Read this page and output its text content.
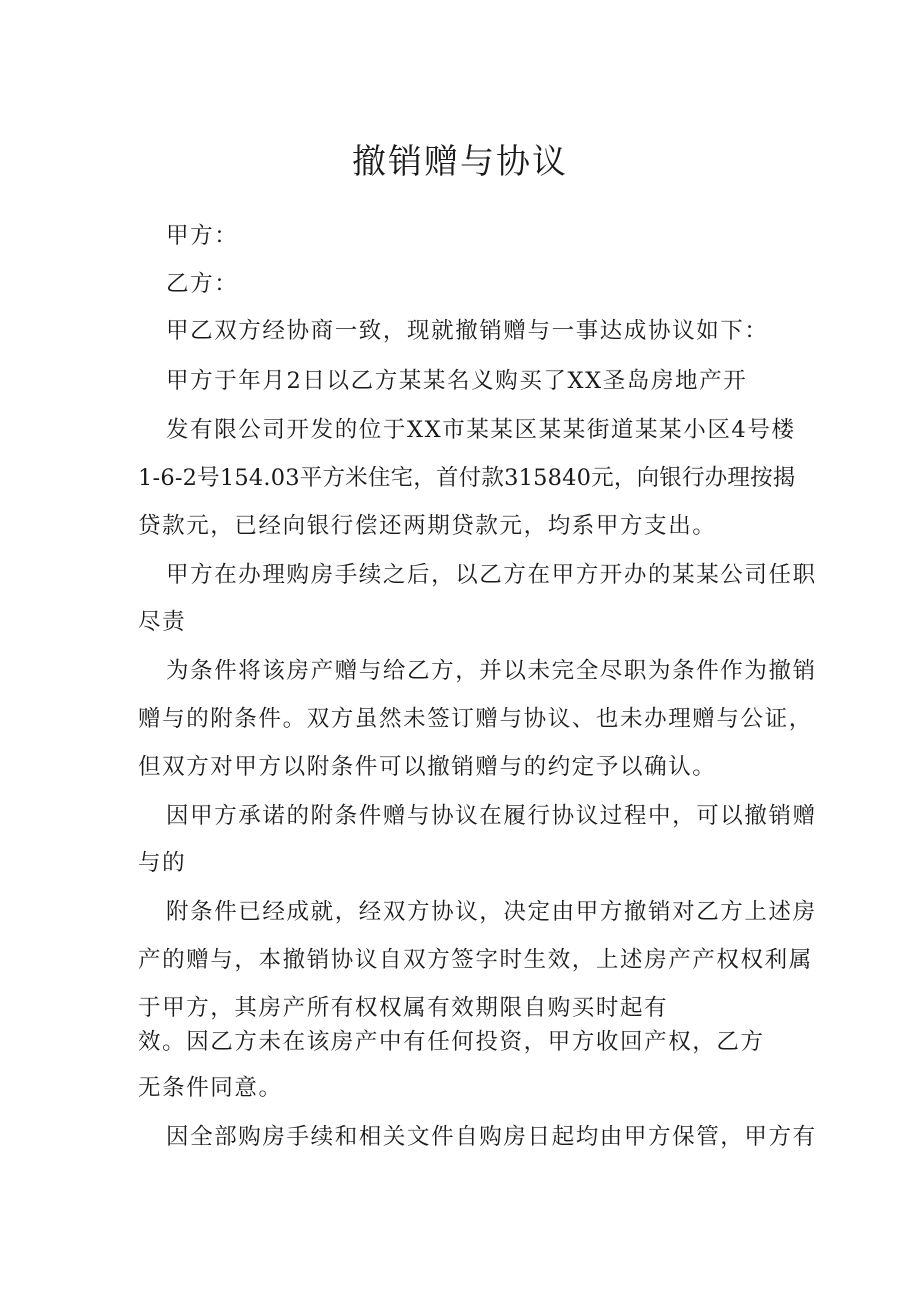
撤销赠与协议

甲方：

乙方：

甲乙双方经协商一致，现就撤销赠与一事达成协议如下：

甲方于年月2日以乙方某某名义购买了XX圣岛房地产开

发有限公司开发的位于XX市某某区某某街道某某小区4号楼

1-6-2号154.03平方米住宅，首付款315840元，向银行办理按揭

贷款元，已经向银行偿还两期贷款元，均系甲方支出。

甲方在办理购房手续之后，以乙方在甲方开办的某某公司任职

尽责

为条件将该房产赠与给乙方，并以未完全尽职为条件作为撤销

赠与的附条件。双方虽然未签订赠与协议、也未办理赠与公证，

但双方对甲方以附条件可以撤销赠与的约定予以确认。

因甲方承诺的附条件赠与协议在履行协议过程中，可以撤销赠

与的

附条件已经成就，经双方协议，决定由甲方撤销对乙方上述房

产的赠与，本撤销协议自双方签字时生效，上述房产产权权利属

于甲方，其房产所有权权属有效期限自购买时起有

效。因乙方未在该房产中有任何投资，甲方收回产权，乙方

无条件同意。

因全部购房手续和相关文件自购房日起均由甲方保管，甲方有
